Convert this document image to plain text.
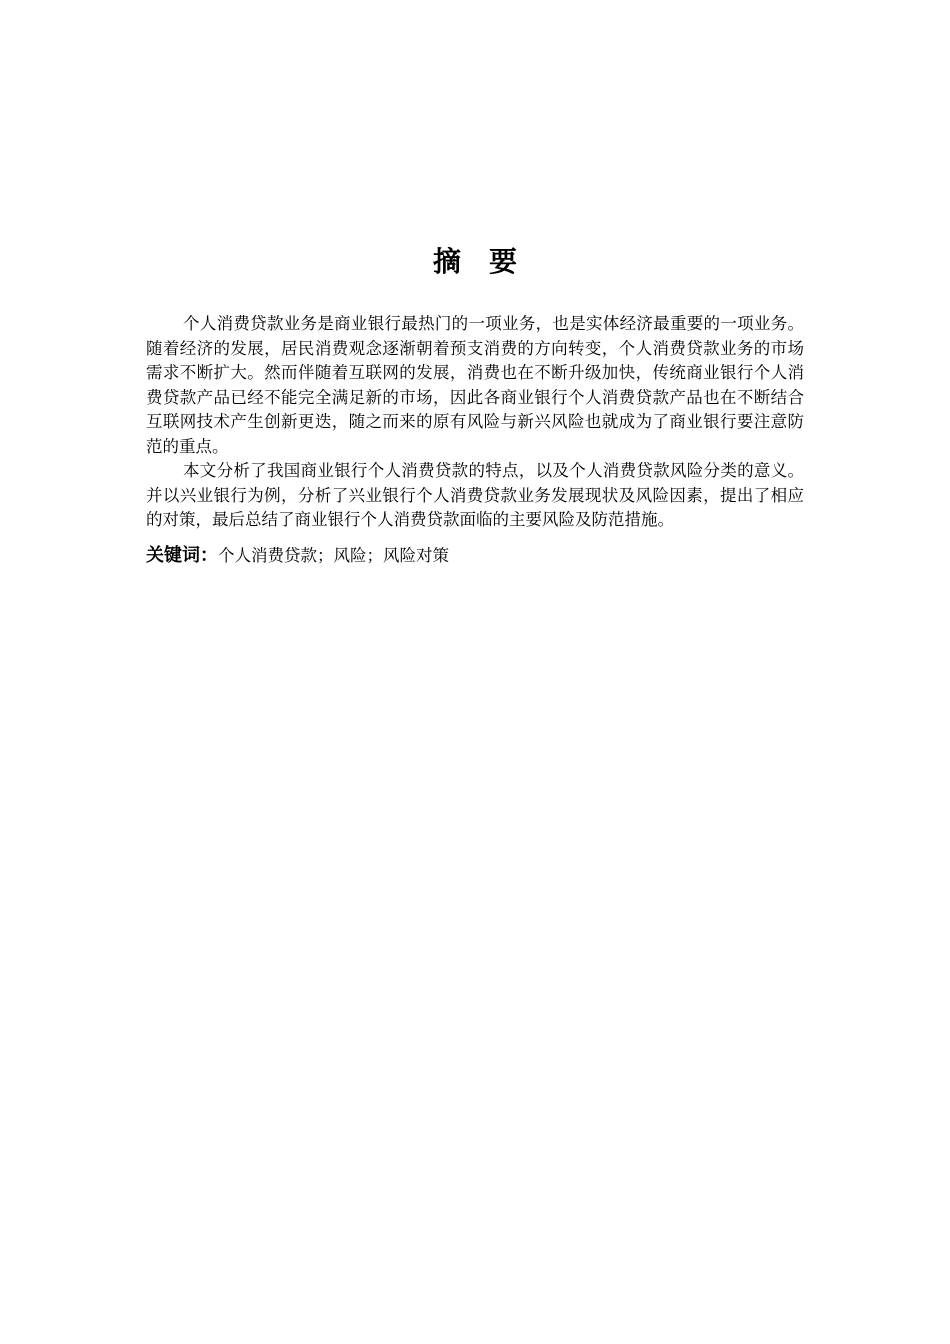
摘要

个人消费贷款业务是商业银行最热门的一项业务，也是实体经济最重要的一项业务。随着经济的发展，居民消费观念逐渐朝着预支消费的方向转变，个人消费贷款业务的市场需求不断扩大。然而伴随着互联网的发展，消费也在不断升级加快，传统商业银行个人消费贷款产品已经不能完全满足新的市场，因此各商业银行个人消费贷款产品也在不断结合互联网技术产生创新更迭，随之而来的原有风险与新兴风险也就成为了商业银行要注意防范的重点。

本文分析了我国商业银行个人消费贷款的特点，以及个人消费贷款风险分类的意义。并以兴业银行为例，分析了兴业银行个人消费贷款业务发展现状及风险因素，提出了相应的对策，最后总结了商业银行个人消费贷款面临的主要风险及防范措施。

关键词：个人消费贷款；风险；风险对策
